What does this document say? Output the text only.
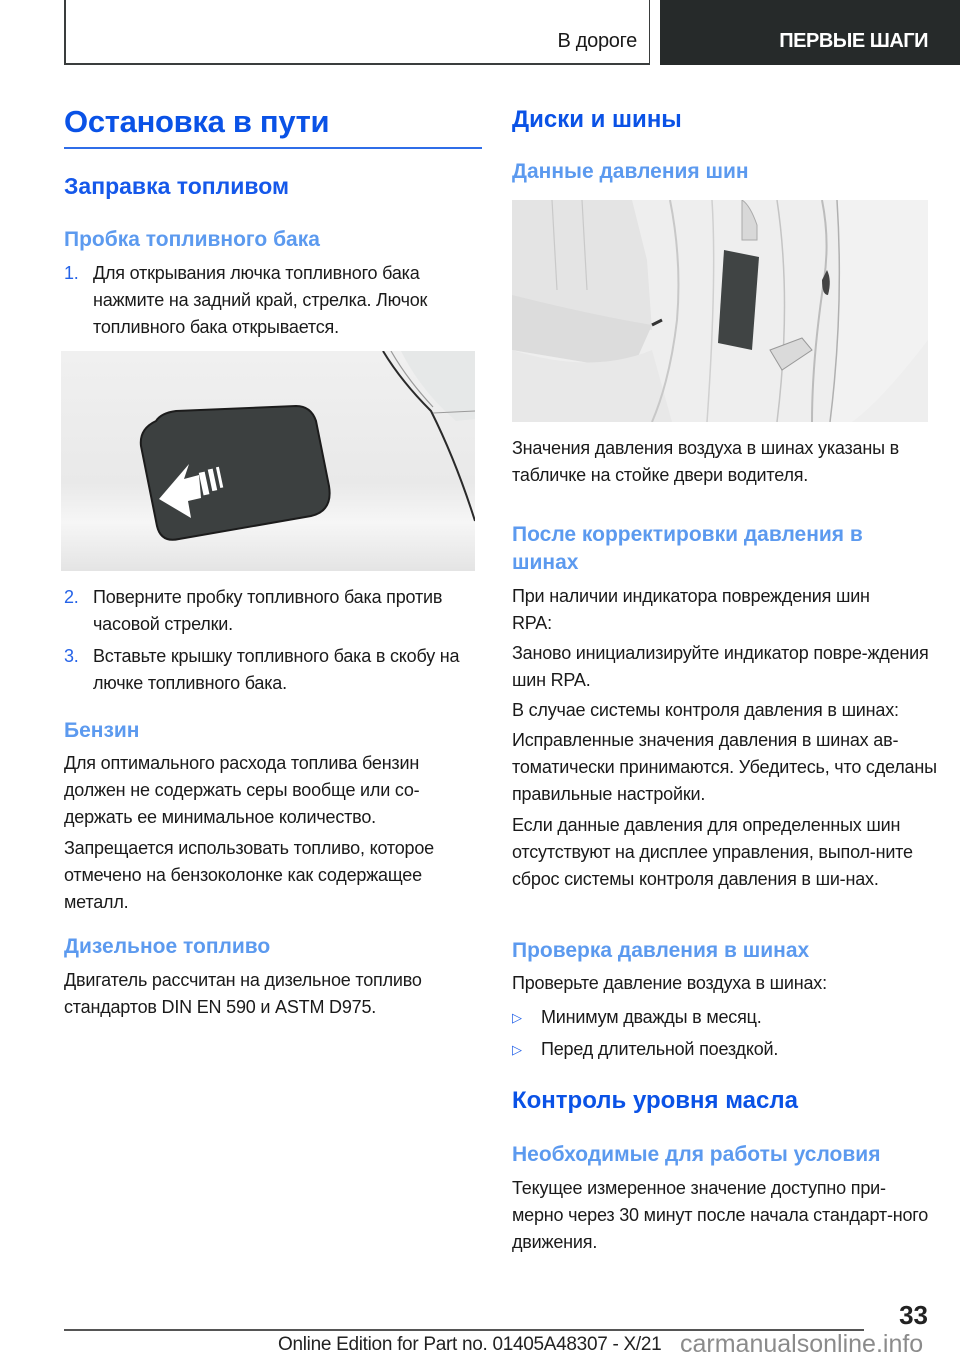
В дороге	ПЕРВЫЕ ШАГИ
Остановка в пути
Заправка топливом
Пробка топливного бака
1. Для открывания лючка топливного бака нажмите на задний край, стрелка. Лючок топливного бака открывается.
2. Поверните пробку топливного бака против часовой стрелки.
3. Вставьте крышку топливного бака в скобу на лючке топливного бака.
Бензин
Для оптимального расхода топлива бензин должен не содержать серы вообще или со-держать ее минимальное количество.
Запрещается использовать топливо, которое отмечено на бензоколонке как содержащее металл.
Дизельное топливо
Двигатель рассчитан на дизельное топливо стандартов DIN EN 590 и ASTM D975.
Диски и шины
Данные давления шин
Значения давления воздуха в шинах указаны в табличке на стойке двери водителя.
После корректировки давления в
шинах
При наличии индикатора повреждения шин RPA:
Заново инициализируйте индикатор повре-ждения шин RPA.
В случае системы контроля давления в шинах:
Исправленные значения давления в шинах ав-томатически принимаются. Убедитесь, что сделаны правильные настройки.
Если данные давления для определенных шин отсутствуют на дисплее управления, выпол-ните сброс системы контроля давления в ши-нах.
Проверка давления в шинах
Проверьте давление воздуха в шинах:
▷ Минимум дважды в месяц.
▷ Перед длительной поездкой.
Контроль уровня масла
Необходимые для работы условия
Текущее измеренное значение доступно при-мерно через 30 минут после начала стандарт-ного движения.
33
Online Edition for Part no. 01405A48307 - X/21 carmanualsonline.info
